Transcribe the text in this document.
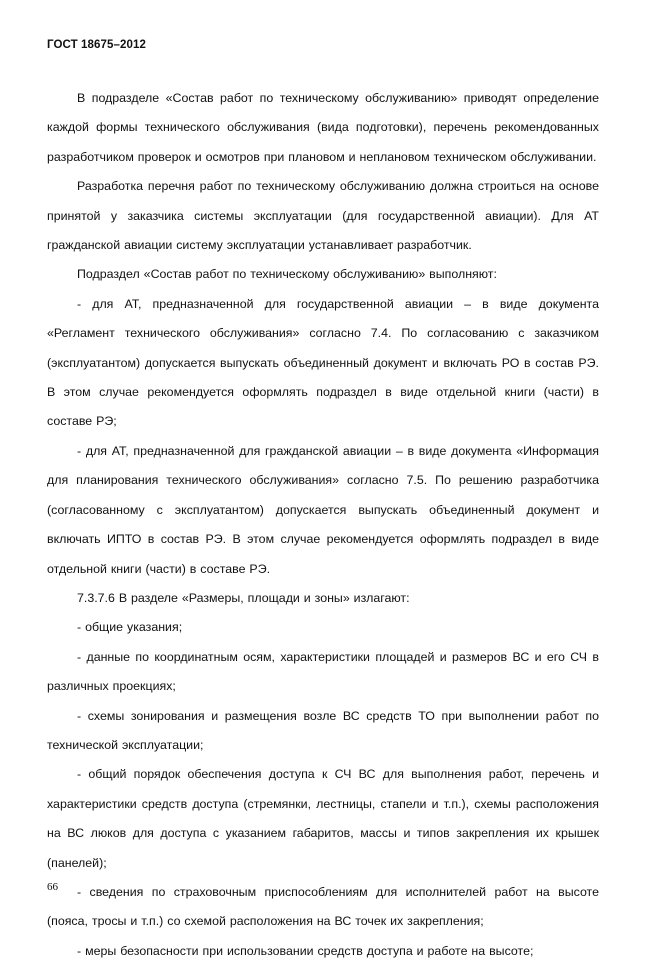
ГОСТ 18675–2012

В подразделе «Состав работ по техническому обслуживанию» приводят определение каждой формы технического обслуживания (вида подготовки), перечень рекомендованных разработчиком проверок и осмотров при плановом и неплановом техническом обслуживании.

Разработка перечня работ по техническому обслуживанию должна строиться на основе принятой у заказчика системы эксплуатации (для государственной авиации). Для АТ гражданской авиации систему эксплуатации устанавливает разработчик.

Подраздел «Состав работ по техническому обслуживанию» выполняют:

- для АТ, предназначенной для государственной авиации – в виде документа «Регламент технического обслуживания» согласно 7.4. По согласованию с заказчиком (эксплуатантом) допускается выпускать объединенный документ и включать РО в состав РЭ. В этом случае рекомендуется оформлять подраздел в виде отдельной книги (части) в составе РЭ;

- для АТ, предназначенной для гражданской авиации – в виде документа «Информация для планирования технического обслуживания» согласно 7.5. По решению разработчика (согласованному с эксплуатантом) допускается выпускать объединенный документ и включать ИПТО в состав РЭ. В этом случае рекомендуется оформлять подраздел в виде отдельной книги (части) в составе РЭ.

7.3.7.6 В разделе «Размеры, площади и зоны» излагают:

- общие указания;

- данные по координатным осям, характеристики площадей и размеров ВС и его СЧ в различных проекциях;

- схемы зонирования и размещения возле ВС средств ТО при выполнении работ по технической эксплуатации;

- общий порядок обеспечения доступа к СЧ ВС для выполнения работ, перечень и характеристики средств доступа (стремянки, лестницы, стапели и т.п.), схемы расположения на ВС люков для доступа с указанием габаритов, массы и типов закрепления их крышек (панелей);

- сведения по страховочным приспособлениям для исполнителей работ на высоте (пояса, тросы и т.п.) со схемой расположения на ВС точек их закрепления;

- меры безопасности при использовании средств доступа и работе на высоте;

66
